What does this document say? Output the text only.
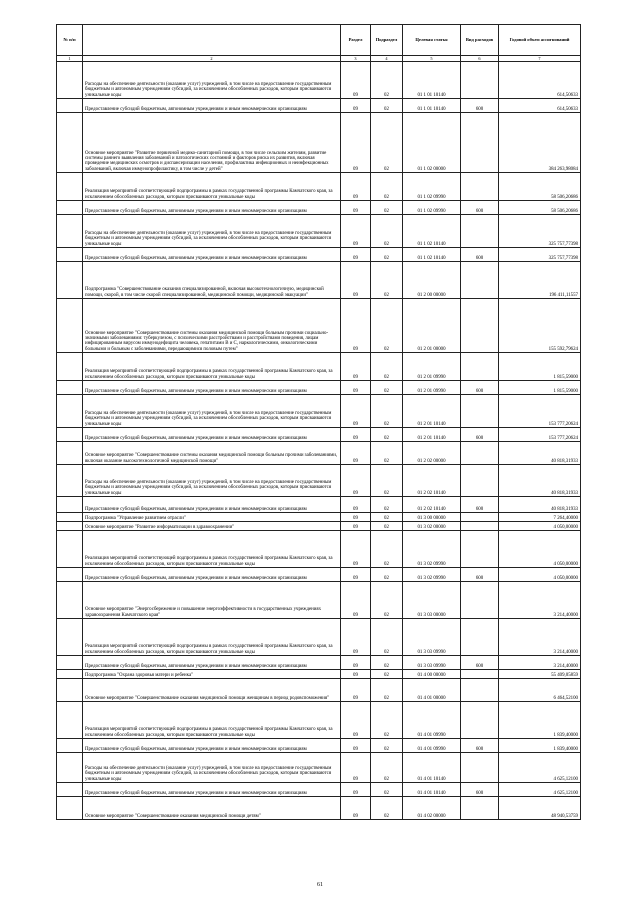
№ п/п		Раздел	Подраздел	Целевая статья	Вид расходов	Годовой объем ассигнований
1	2	3	4	5	6	7
	Расходы на обеспечение деятельности (оказание услуг) учреждений, в том числе на предоставление государственным бюджетным и автономным учреждениям субсидий, за исключением обособленных расходов, которым присваиваются уникальные коды	09	02	01 1 01 10140		614,50633
	Предоставление субсидий бюджетным, автономным учреждениям и иным некоммерческим организациям	09	02	01 1 01 10140	600	614,50633
	Основное мероприятие "Развитие первичной медико-санитарной помощи, в том числе сельским жителям, развитие системы раннего выявления заболеваний и патологических состояний и факторов риска их развития, включая проведение медицинских осмотров и диспансеризации населения, профилактика инфекционных и неинфекционных заболеваний, включая иммунопрофилактику, в том числе у детей"	09	02	01 1 02 00000		384 263,98084
	Реализация мероприятий соответствующей подпрограммы в рамках государственной программы Камчатского края, за исключением обособленных расходов, которым присваиваются уникальные коды	09	02	01 1 02 09990		58 506,20686
	Предоставление субсидий бюджетным, автономным учреждениям и иным некоммерческим организациям	09	02	01 1 02 09990	600	58 506,20686
	Расходы на обеспечение деятельности (оказание услуг) учреждений, в том числе на предоставление государственным бюджетным и автономным учреждениям субсидий, за исключением обособленных расходов, которым присваиваются уникальные коды	09	02	01 1 02 10140		325 757,77398
	Предоставление субсидий бюджетным, автономным учреждениям и иным некоммерческим организациям	09	02	01 1 02 10140	600	325 757,77398
	Подпрограмма "Совершенствование оказания специализированной, включая высокотехнологичную, медицинской помощи, скорой, в том числе скорой специализированной, медицинской помощи, медицинской эвакуации"	09	02	01 2 00 00000		196 411,11557
	Основное мероприятие "Совершенствование системы оказания медицинской помощи больным прочими социально-значимыми заболеваниями: туберкулезом, с психическими расстройствами и расстройствами поведения, лицам инфицированным вирусом иммунодефицита человека, гепатитами B и C, наркологическими, онкологическими больными и больным с заболеваниями, передающимися половым путем"	09	02	01 2 01 00000		155 592,79624
	Реализация мероприятий соответствующей подпрограммы в рамках государственной программы Камчатского края, за исключением обособленных расходов, которым присваиваются уникальные коды	09	02	01 2 01 09990		1 815,59000
	Предоставление субсидий бюджетным, автономным учреждениям и иным некоммерческим организациям	09	02	01 2 01 09990	600	1 815,59000
	Расходы на обеспечение деятельности (оказание услуг) учреждений, в том числе на предоставление государственным бюджетным и автономным учреждениям субсидий, за исключением обособленных расходов, которым присваиваются уникальные коды	09	02	01 2 01 10140		153 777,20624
	Предоставление субсидий бюджетным, автономным учреждениям и иным некоммерческим организациям	09	02	01 2 01 10140	600	153 777,20624
	Основное мероприятие "Совершенствование системы оказания медицинской помощи больным прочими заболеваниями, включая оказание высокотехнологичной медицинской помощи"	09	02	01 2 02 00000		40 818,31933
	Расходы на обеспечение деятельности (оказание услуг) учреждений, в том числе на предоставление государственным бюджетным и автономным учреждениям субсидий, за исключением обособленных расходов, которым присваиваются уникальные коды	09	02	01 2 02 10140		40 818,31933
	Предоставление субсидий бюджетным, автономным учреждениям и иным некоммерческим организациям	09	02	01 2 02 10140	600	40 818,31933
	Подпрограмма "Управление развитием отрасли"	09	02	01 3 00 00000		7 264,40000
	Основное мероприятие "Развитие информатизации в здравоохранении"	09	02	01 3 02 00000		4 050,00000
	Реализация мероприятий соответствующей подпрограммы в рамках государственной программы Камчатского края, за исключением обособленных расходов, которым присваиваются уникальные коды	09	02	01 3 02 09990		4 050,00000
	Предоставление субсидий бюджетным, автономным учреждениям и иным некоммерческим организациям	09	02	01 3 02 09990	600	4 050,00000
	Основное мероприятие "Энергосбережение и повышение энергоэффективности в государственных учреждениях здравоохранения Камчатского края"	09	02	01 3 03 00000		3 214,40000
	Реализация мероприятий соответствующей подпрограммы в рамках государственной программы Камчатского края, за исключением обособленных расходов, которым присваиваются уникальные коды	09	02	01 3 03 09990		3 214,40000
	Предоставление субсидий бюджетным, автономным учреждениям и иным некоммерческим организациям	09	02	01 3 03 09990	600	3 214,40000
	Подпрограмма "Охрана здоровья матери и ребенка"	09	02	01 4 00 00000		55 409,05859
	Основное мероприятие "Совершенствование оказания медицинской помощи женщинам в период родовспоможения"	09	02	01 4 01 00000		6 464,52100
	Реализация мероприятий соответствующей подпрограммы в рамках государственной программы Камчатского края, за исключением обособленных расходов, которым присваиваются уникальные коды	09	02	01 4 01 09990		1 839,40000
	Предоставление субсидий бюджетным, автономным учреждениям и иным некоммерческим организациям	09	02	01 4 01 09990	600	1 839,40000
	Расходы на обеспечение деятельности (оказание услуг) учреждений, в том числе на предоставление государственным бюджетным и автономным учреждениям субсидий, за исключением обособленных расходов, которым присваиваются уникальные коды	09	02	01 4 01 10140		4 625,12100
	Предоставление субсидий бюджетным, автономным учреждениям и иным некоммерческим организациям	09	02	01 4 01 10140	600	4 625,12100
	Основное мероприятие "Совершенствование оказания медицинской помощи детям"	09	02	01 4 02 00000		48 940,53759
61
